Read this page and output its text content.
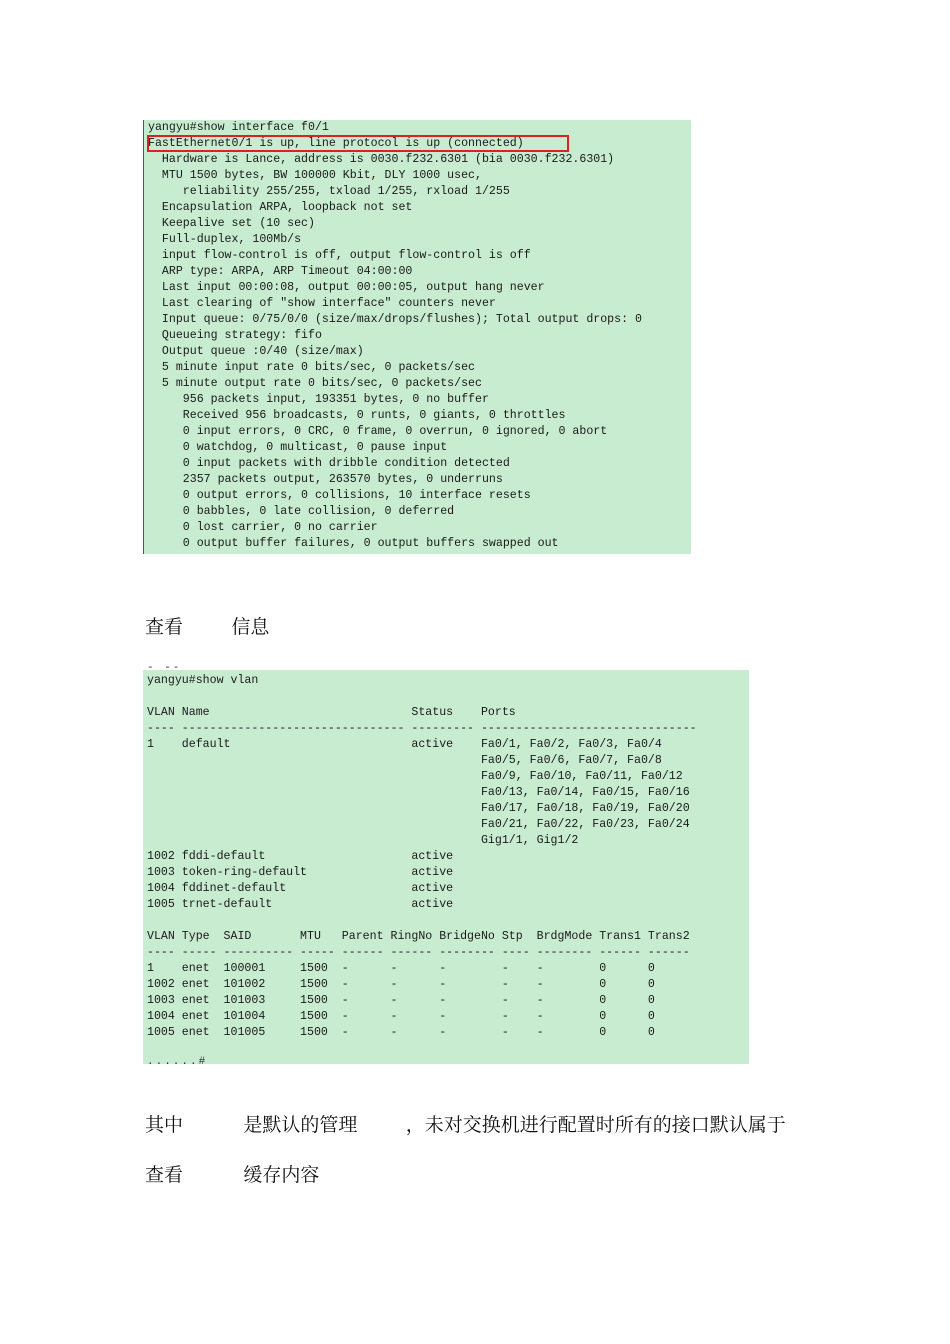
yangyu#show interface f0/1
FastEthernet0/1 is up, line protocol is up (connected)
Hardware is Lance, address is 0030.f232.6301 (bia 0030.f232.6301)
MTU 1500 bytes, BW 100000 Kbit, DLY 1000 usec,
reliability 255/255, txload 1/255, rxload 1/255
Encapsulation ARPA, loopback not set
Keepalive set (10 sec)
Full-duplex, 100Mb/s
input flow-control is off, output flow-control is off
ARP type: ARPA, ARP Timeout 04:00:00
Last input 00:00:08, output 00:00:05, output hang never
Last clearing of "show interface" counters never
Input queue: 0/75/0/0 (size/max/drops/flushes); Total output drops: 0
Queueing strategy: fifo
Output queue :0/40 (size/max)
5 minute input rate 0 bits/sec, 0 packets/sec
5 minute output rate 0 bits/sec, 0 packets/sec
956 packets input, 193351 bytes, 0 no buffer
Received 956 broadcasts, 0 runts, 0 giants, 0 throttles
0 input errors, 0 CRC, 0 frame, 0 overrun, 0 ignored, 0 abort
0 watchdog, 0 multicast, 0 pause input
0 input packets with dribble condition detected
2357 packets output, 263570 bytes, 0 underruns
0 output errors, 0 collisions, 10 interface resets
0 babbles, 0 late collision, 0 deferred
0 lost carrier, 0 no carrier
0 output buffer failures, 0 output buffers swapped out

查看        信息

- --

yangyu#show vlan
VLAN Name                             Status    Ports
---- -------------------------------- --------- -------------------------------
1    default                          active    Fa0/1, Fa0/2, Fa0/3, Fa0/4
Fa0/5, Fa0/6, Fa0/7, Fa0/8
Fa0/9, Fa0/10, Fa0/11, Fa0/12
Fa0/13, Fa0/14, Fa0/15, Fa0/16
Fa0/17, Fa0/18, Fa0/19, Fa0/20
Fa0/21, Fa0/22, Fa0/23, Fa0/24
Gig1/1, Gig1/2
1002 fddi-default                     active
1003 token-ring-default               active
1004 fddinet-default                  active
1005 trnet-default                    active
VLAN Type  SAID       MTU   Parent RingNo BridgeNo Stp  BrdgMode Trans1 Trans2
---- ----- ---------- ----- ------ ------ -------- ---- -------- ------ ------
1    enet  100001     1500  -      -      -        -    -        0      0
1002 enet  101002     1500  -      -      -        -    -        0      0
1003 enet  101003     1500  -      -      -        -    -        0      0
1004 enet  101004     1500  -      -      -        -    -        0      0
1005 enet  101005     1500  -      -      -        -    -        0      0

......#

其中          是默认的管理        ，未对交换机进行配置时所有的接口默认属于
查看          缓存内容
